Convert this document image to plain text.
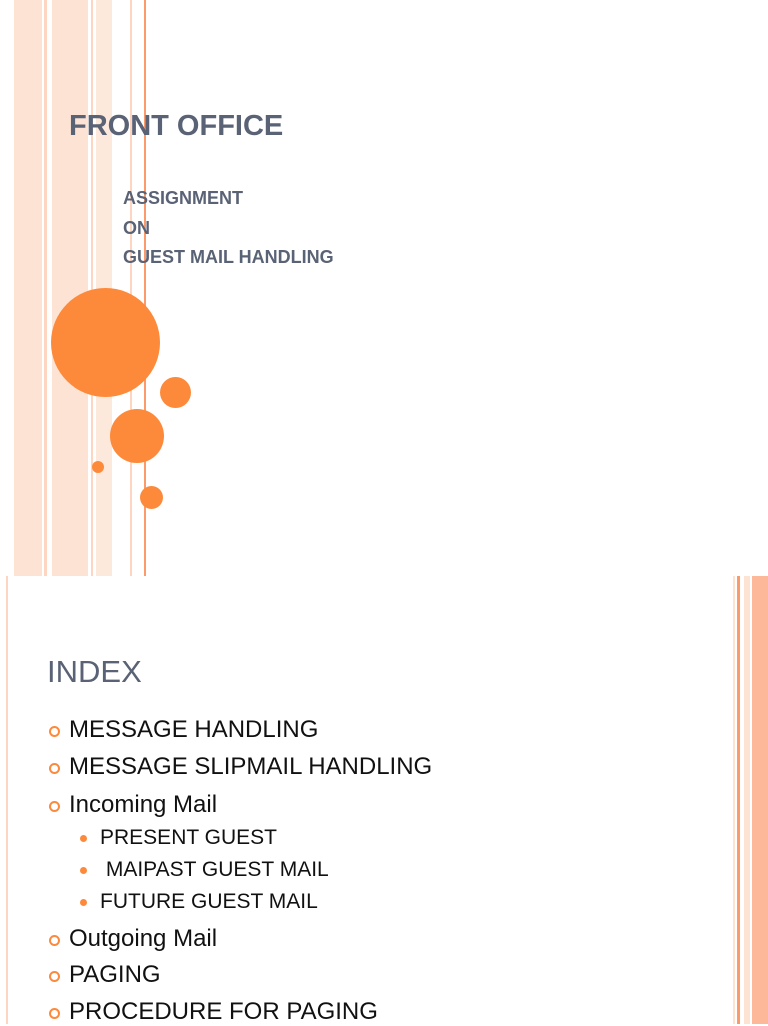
FRONT OFFICE
ASSIGNMENT
ON
GUEST MAIL HANDLING
INDEX
MESSAGE HANDLING
MESSAGE SLIPMAIL HANDLING
Incoming Mail
PRESENT GUEST
MAIPAST GUEST MAIL
FUTURE GUEST MAIL
Outgoing Mail
PAGING
PROCEDURE FOR PAGING
